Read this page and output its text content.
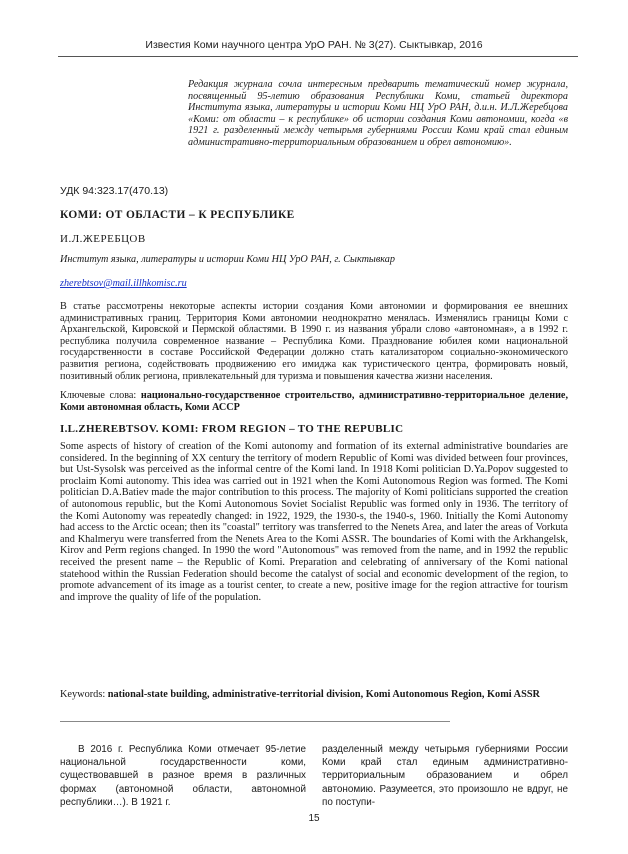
Известия Коми научного центра УрО РАН. № 3(27). Сыктывкар, 2016
Редакция журнала сочла интересным предварить тематический номер журнала, посвященный 95-летию образования Республики Коми, статьей директора Института языка, литературы и истории Коми НЦ УрО РАН, д.и.н. И.Л.Жеребцова «Коми: от области – к республике» об истории создания Коми автономии, когда «в 1921 г. разделенный между четырьмя губерниями России Коми край стал единым административно-территориальным образованием и обрел автономию».
УДК 94:323.17(470.13)
КОМИ: ОТ ОБЛАСТИ – К РЕСПУБЛИКЕ
И.Л.ЖЕРЕБЦОВ
Институт языка, литературы и истории Коми НЦ УрО РАН, г. Сыктывкар
zherebtsov@mail.illhkomisc.ru
В статье рассмотрены некоторые аспекты истории создания Коми автономии и формирования ее внешних административных границ. Территория Коми автономии неоднократно менялась. Изменялись границы Коми с Архангельской, Кировской и Пермской областями. В 1990 г. из названия убрали слово «автономная», а в 1992 г. республика получила современное название – Республика Коми. Празднование юбилея коми национальной государственности в составе Российской Федерации должно стать катализатором социально-экономического развития региона, содействовать продвижению его имиджа как туристического центра, формировать новый, позитивный облик региона, привлекательный для туризма и повышения качества жизни населения.
Ключевые слова: национально-государственное строительство, административно-территориальное деление, Коми автономная область, Коми АССР
I.L.ZHEREBTSOV. KOMI: FROM REGION – TO THE REPUBLIC
Some aspects of history of creation of the Komi autonomy and formation of its external administrative boundaries are considered. In the beginning of XX century the territory of modern Republic of Komi was divided between four provinces, but Ust-Sysolsk was perceived as the informal centre of the Komi land. In 1918 Komi politician D.Ya.Popov suggested to proclaim Komi autonomy. This idea was carried out in 1921 when the Komi Autonomous Region was formed. The Komi politician D.A.Batiev made the major contribution to this process. The majority of Komi politicians supported the creation of autonomous republic, but the Komi Autonomous Soviet Socialist Republic was formed only in 1936. The territory of the Komi Autonomy was repeatedly changed: in 1922, 1929, the 1930-s, the 1940-s, 1960. Initially the Komi Autonomy had access to the Arctic ocean; then its "coastal" territory was transferred to the Nenets Area, and later the areas of Vorkuta and Khalmeryu were transferred from the Nenets Area to the Komi ASSR. The boundaries of Komi with the Arkhangelsk, Kirov and Perm regions changed. In 1990 the word "Autonomous" was removed from the name, and in 1992 the republic received the present name – the Republic of Komi. Preparation and celebrating of anniversary of the Komi national statehood within the Russian Federation should become the catalyst of social and economic development of the region, to promote advancement of its image as a tourist center, to create a new, positive image for the region attractive for tourism and improve the quality of life of the population.
Keywords: national-state building, administrative-territorial division, Komi Autonomous Region, Komi ASSR
В 2016 г. Республика Коми отмечает 95-летие национальной государственности коми, существовавшей в разное время в различных формах (автономной области, автономной республики…). В 1921 г.
разделенный между четырьмя губерниями России Коми край стал единым административно-территориальным образованием и обрел автономию. Разумеется, это произошло не вдруг, не по поступи-
15
